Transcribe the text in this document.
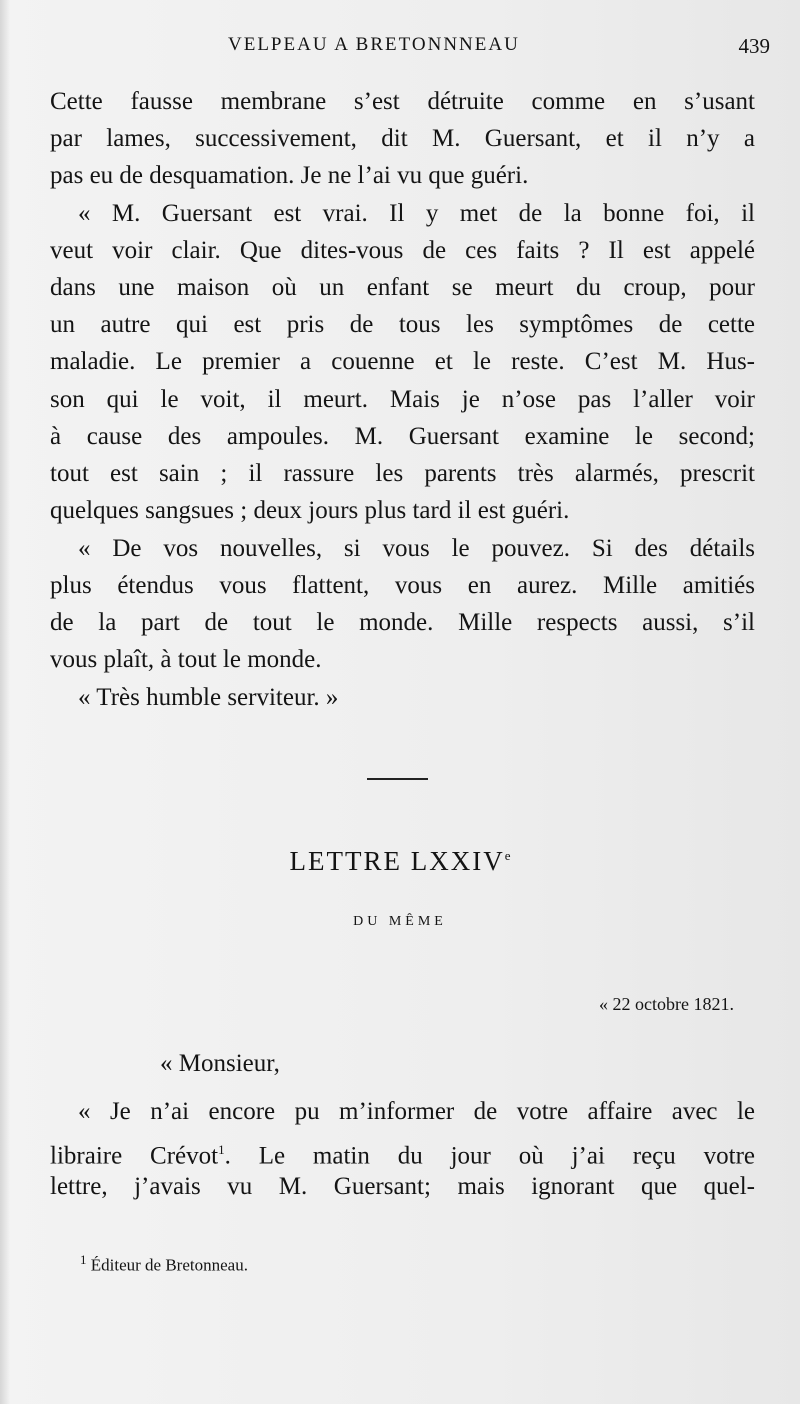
VELPEAU A BRETONNNEAU	439
Cette fausse membrane s’est détruite comme en s’usant
par lames, successivement, dit M. Guersant, et il n’y a
pas eu de desquamation. Je ne l’ai vu que guéri.
« M. Guersant est vrai. Il y met de la bonne foi, il
veut voir clair. Que dites-vous de ces faits ? Il est appelé
dans une maison où un enfant se meurt du croup, pour
un autre qui est pris de tous les symptômes de cette
maladie. Le premier a couenne et le reste. C’est M. Hus-
son qui le voit, il meurt. Mais je n’ose pas l’aller voir
à cause des ampoules. M. Guersant examine le second;
tout est sain ; il rassure les parents très alarmés, prescrit
quelques sangsues ; deux jours plus tard il est guéri.
« De vos nouvelles, si vous le pouvez. Si des détails
plus étendus vous flattent, vous en aurez. Mille amitiés
de la part de tout le monde. Mille respects aussi, s’il
vous plaît, à tout le monde.
« Très humble serviteur. »
LETTRE LXXIVe
DU MÊME
« 22 octobre 1821.
« Monsieur,
« Je n’ai encore pu m’informer de votre affaire avec le
libraire Crévot$^1$. Le matin du jour où j’ai reçu votre
lettre, j’avais vu M. Guersant; mais ignorant que quel-
$^1$ Éditeur de Bretonneau.
